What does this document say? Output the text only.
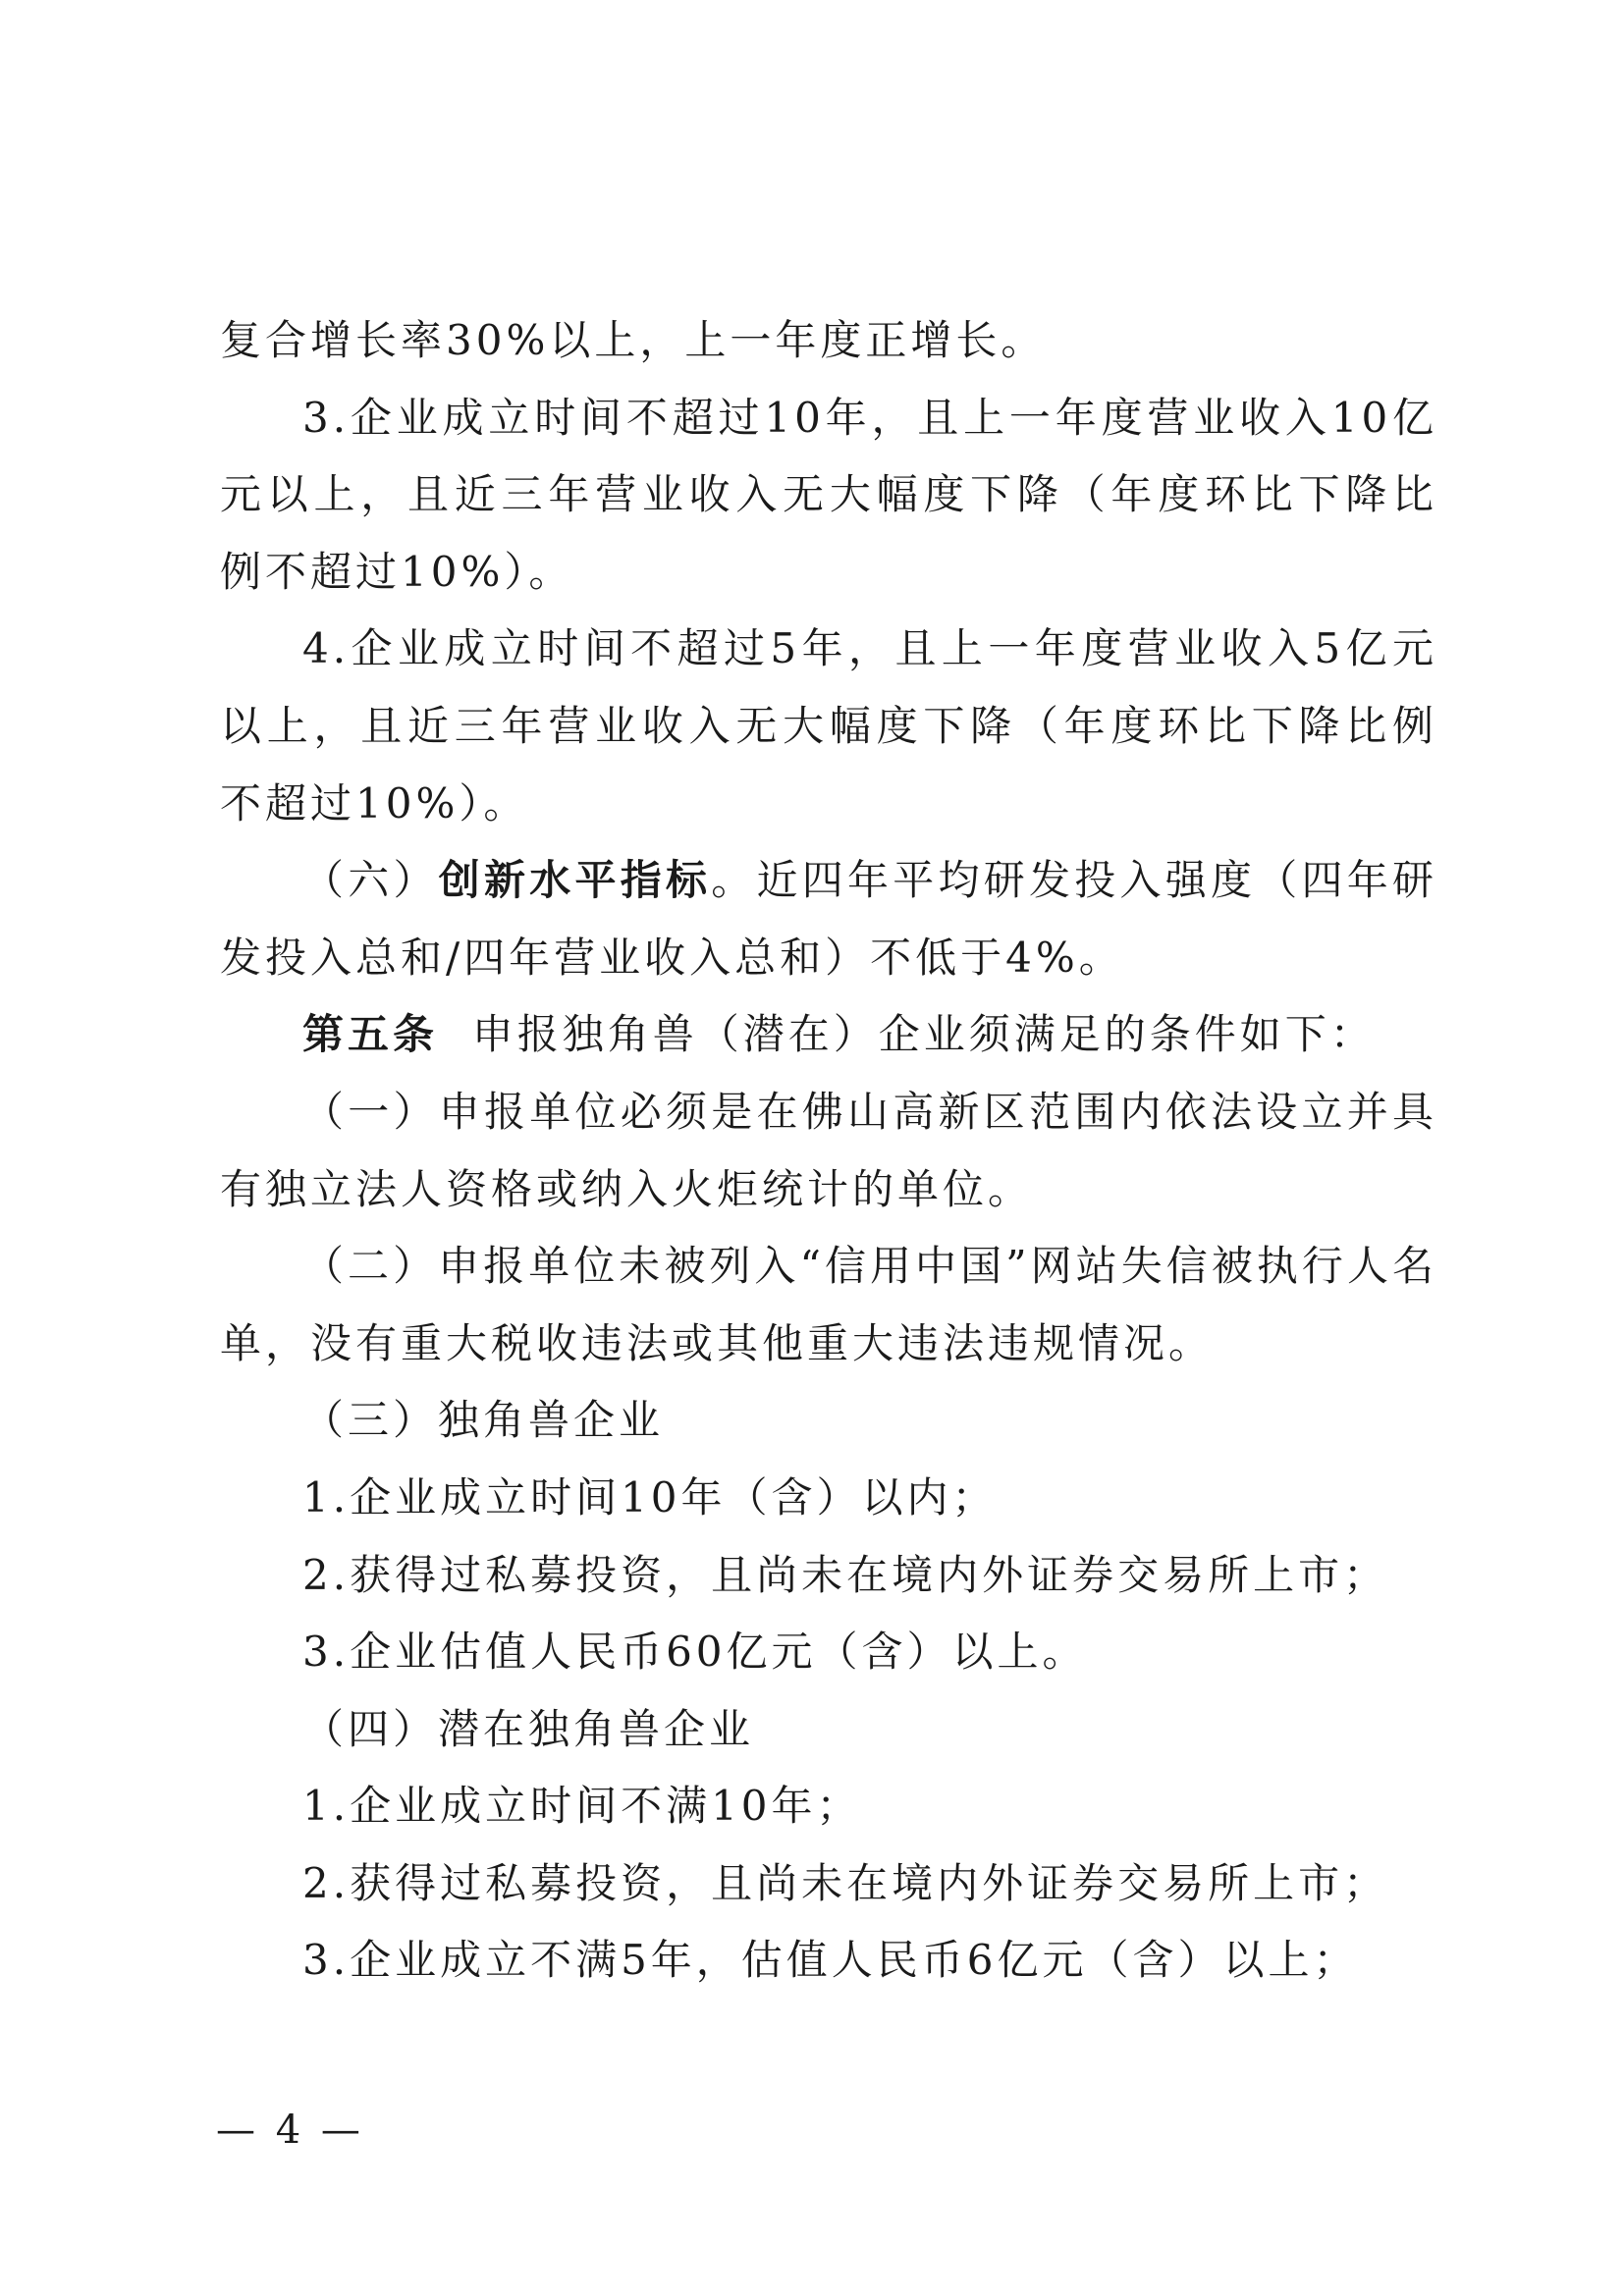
复合增长率30%以上，上一年度正增长。

3.企业成立时间不超过10年，且上一年度营业收入10亿元以上，且近三年营业收入无大幅度下降（年度环比下降比例不超过10%）。

4.企业成立时间不超过5年，且上一年度营业收入5亿元以上，且近三年营业收入无大幅度下降（年度环比下降比例不超过10%）。

（六）创新水平指标。近四年平均研发投入强度（四年研发投入总和/四年营业收入总和）不低于4%。

第五条  申报独角兽（潜在）企业须满足的条件如下：

（一）申报单位必须是在佛山高新区范围内依法设立并具有独立法人资格或纳入火炬统计的单位。

（二）申报单位未被列入“信用中国”网站失信被执行人名单，没有重大税收违法或其他重大违法违规情况。

（三）独角兽企业

1.企业成立时间10年（含）以内；

2.获得过私募投资，且尚未在境内外证券交易所上市；

3.企业估值人民币60亿元（含）以上。

（四）潜在独角兽企业

1.企业成立时间不满10年；

2.获得过私募投资，且尚未在境内外证券交易所上市；

3.企业成立不满5年，估值人民币6亿元（含）以上；

— 4 —
